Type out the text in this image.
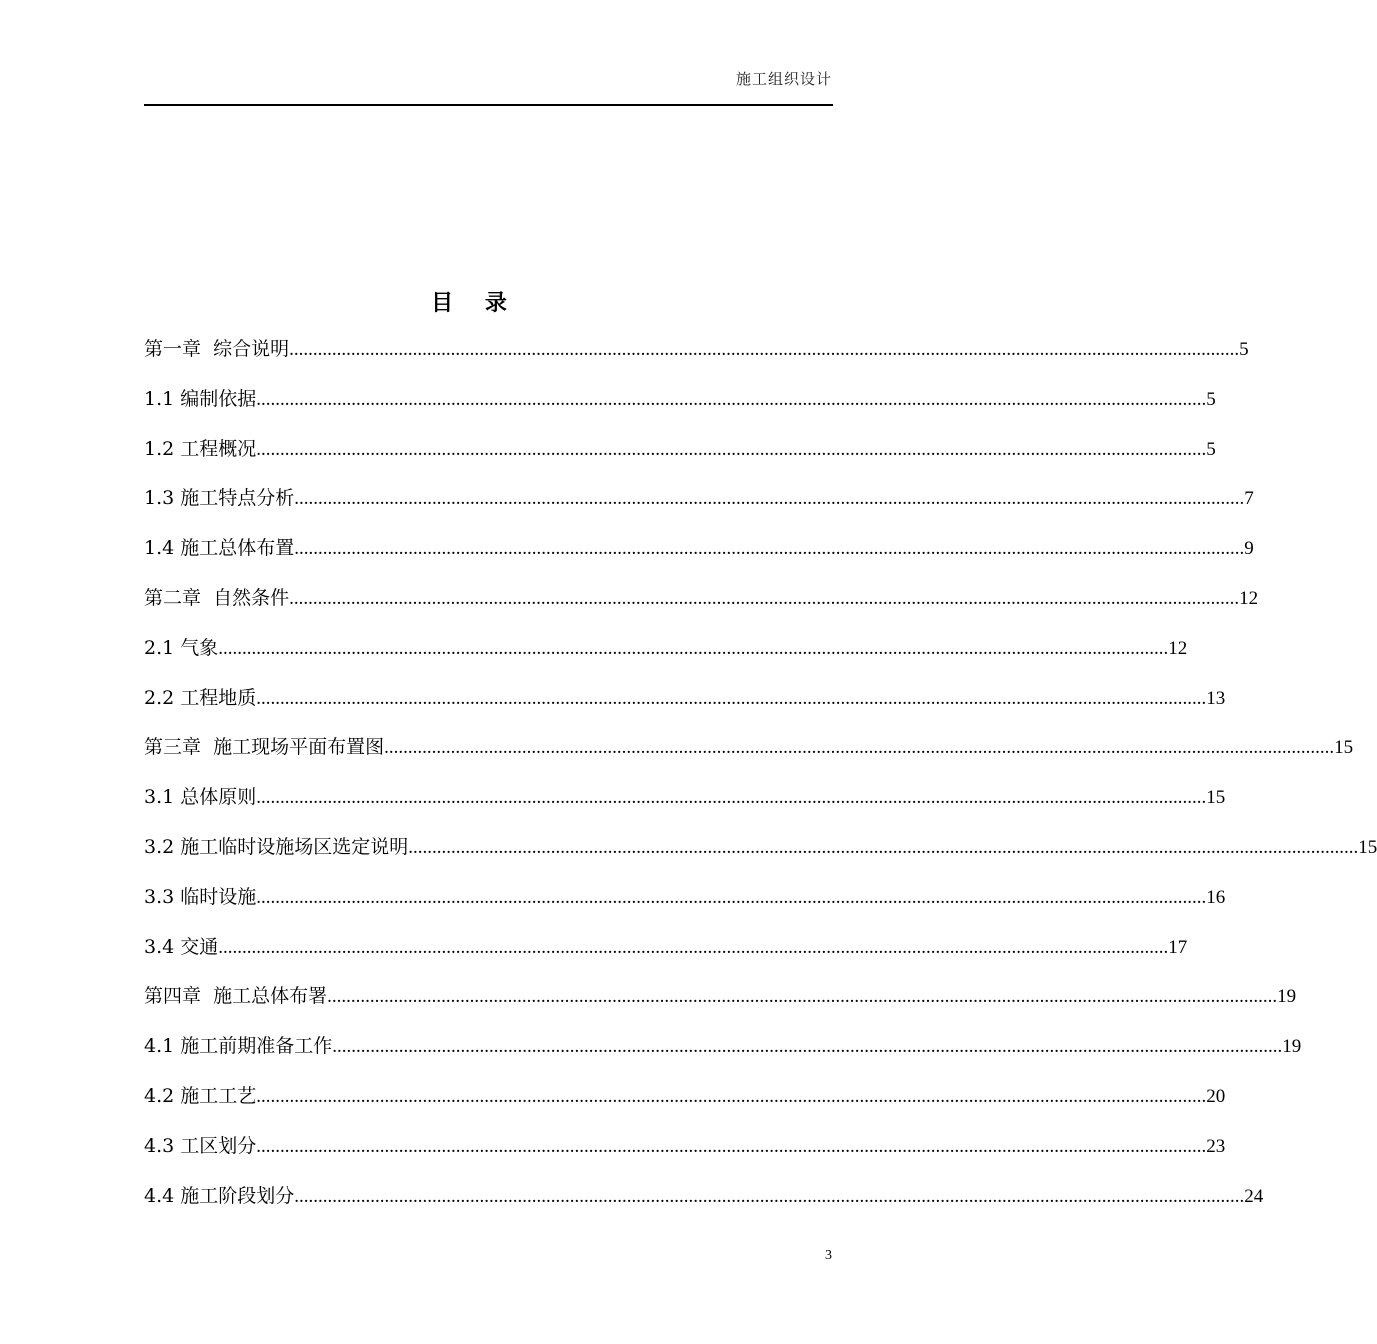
施工组织设计
目 录
第一章  综合说明 ........................................................................................................................................................................................................ 5
1.1 编制依据 ........................................................................................................................................................................................................ 5
1.2 工程概况 ........................................................................................................................................................................................................ 5
1.3 施工特点分析 ........................................................................................................................................................................................................ 7
1.4 施工总体布置 ........................................................................................................................................................................................................ 9
第二章  自然条件 ........................................................................................................................................................................................................ 12
2.1 气象 ........................................................................................................................................................................................................ 12
2.2 工程地质 ........................................................................................................................................................................................................ 13
第三章  施工现场平面布置图 ........................................................................................................................................................................................................ 15
3.1 总体原则 ........................................................................................................................................................................................................ 15
3.2 施工临时设施场区选定说明 ........................................................................................................................................................................................................ 15
3.3 临时设施 ........................................................................................................................................................................................................ 16
3.4 交通 ........................................................................................................................................................................................................ 17
第四章  施工总体布署 ........................................................................................................................................................................................................ 19
4.1 施工前期准备工作 ........................................................................................................................................................................................................ 19
4.2 施工工艺 ........................................................................................................................................................................................................ 20
4.3 工区划分 ........................................................................................................................................................................................................ 23
4.4 施工阶段划分 ........................................................................................................................................................................................................ 24
3
